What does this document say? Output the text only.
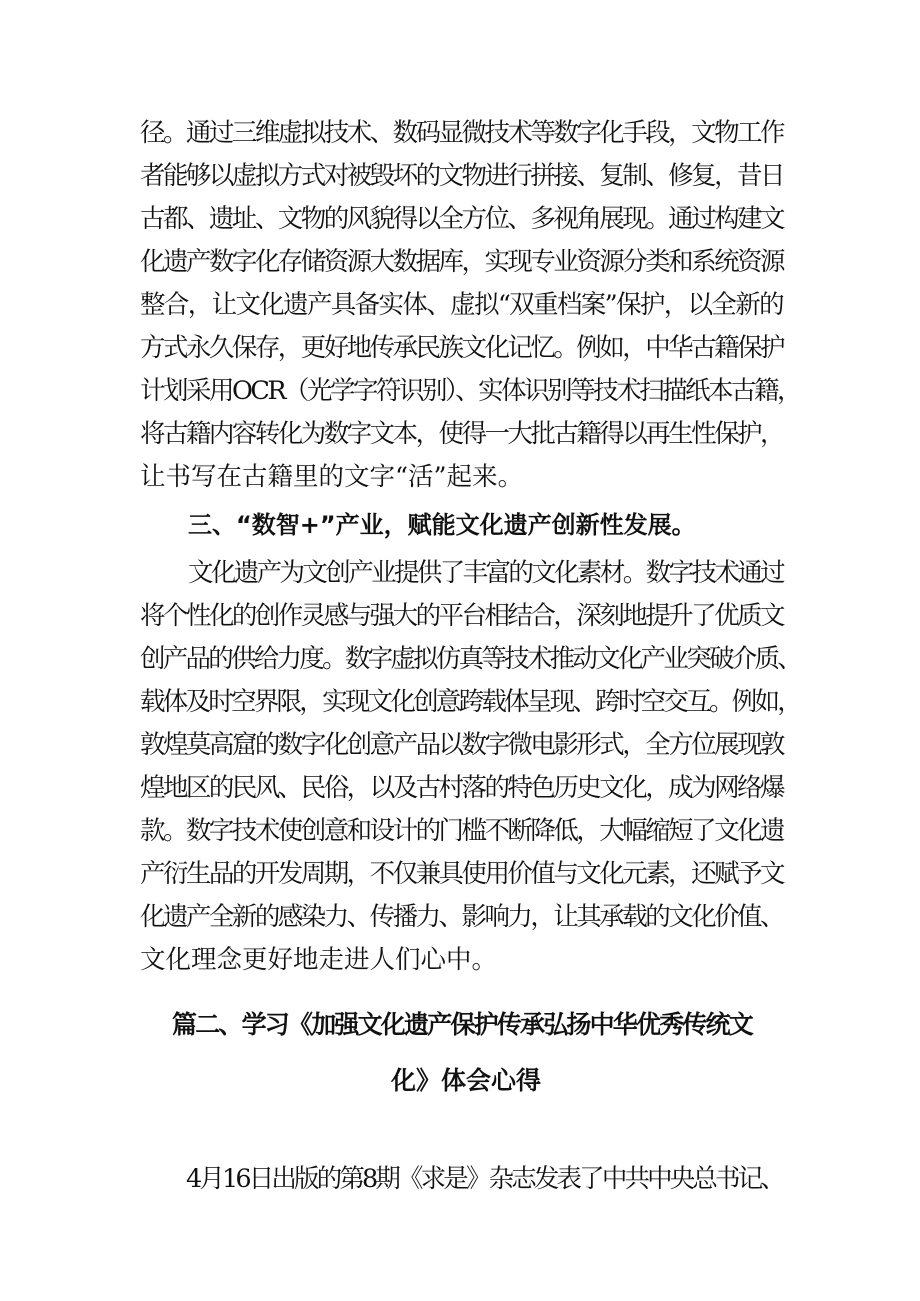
径。通过三维虚拟技术、数码显微技术等数字化手段，文物工作
者能够以虚拟方式对被毁坏的文物进行拼接、复制、修复，昔日
古都、遗址、文物的风貌得以全方位、多视角展现。通过构建文
化遗产数字化存储资源大数据库，实现专业资源分类和系统资源
整合，让文化遗产具备实体、虚拟“双重档案”保护，以全新的
方式永久保存，更好地传承民族文化记忆。例如，中华古籍保护
计划采用OCR（光学字符识别）、实体识别等技术扫描纸本古籍，
将古籍内容转化为数字文本，使得一大批古籍得以再生性保护，
让书写在古籍里的文字“活”起来。
三、“数智+”产业，赋能文化遗产创新性发展。
文化遗产为文创产业提供了丰富的文化素材。数字技术通过
将个性化的创作灵感与强大的平台相结合，深刻地提升了优质文
创产品的供给力度。数字虚拟仿真等技术推动文化产业突破介质、
载体及时空界限，实现文化创意跨载体呈现、跨时空交互。例如，
敦煌莫高窟的数字化创意产品以数字微电影形式，全方位展现敦
煌地区的民风、民俗，以及古村落的特色历史文化，成为网络爆
款。数字技术使创意和设计的门槛不断降低，大幅缩短了文化遗
产衍生品的开发周期，不仅兼具使用价值与文化元素，还赋予文
化遗产全新的感染力、传播力、影响力，让其承载的文化价值、
文化理念更好地走进人们心中。
篇二、学习《加强文化遗产保护传承弘扬中华优秀传统文
化》体会心得
4月16日出版的第8期《求是》杂志发表了中共中央总书记、
